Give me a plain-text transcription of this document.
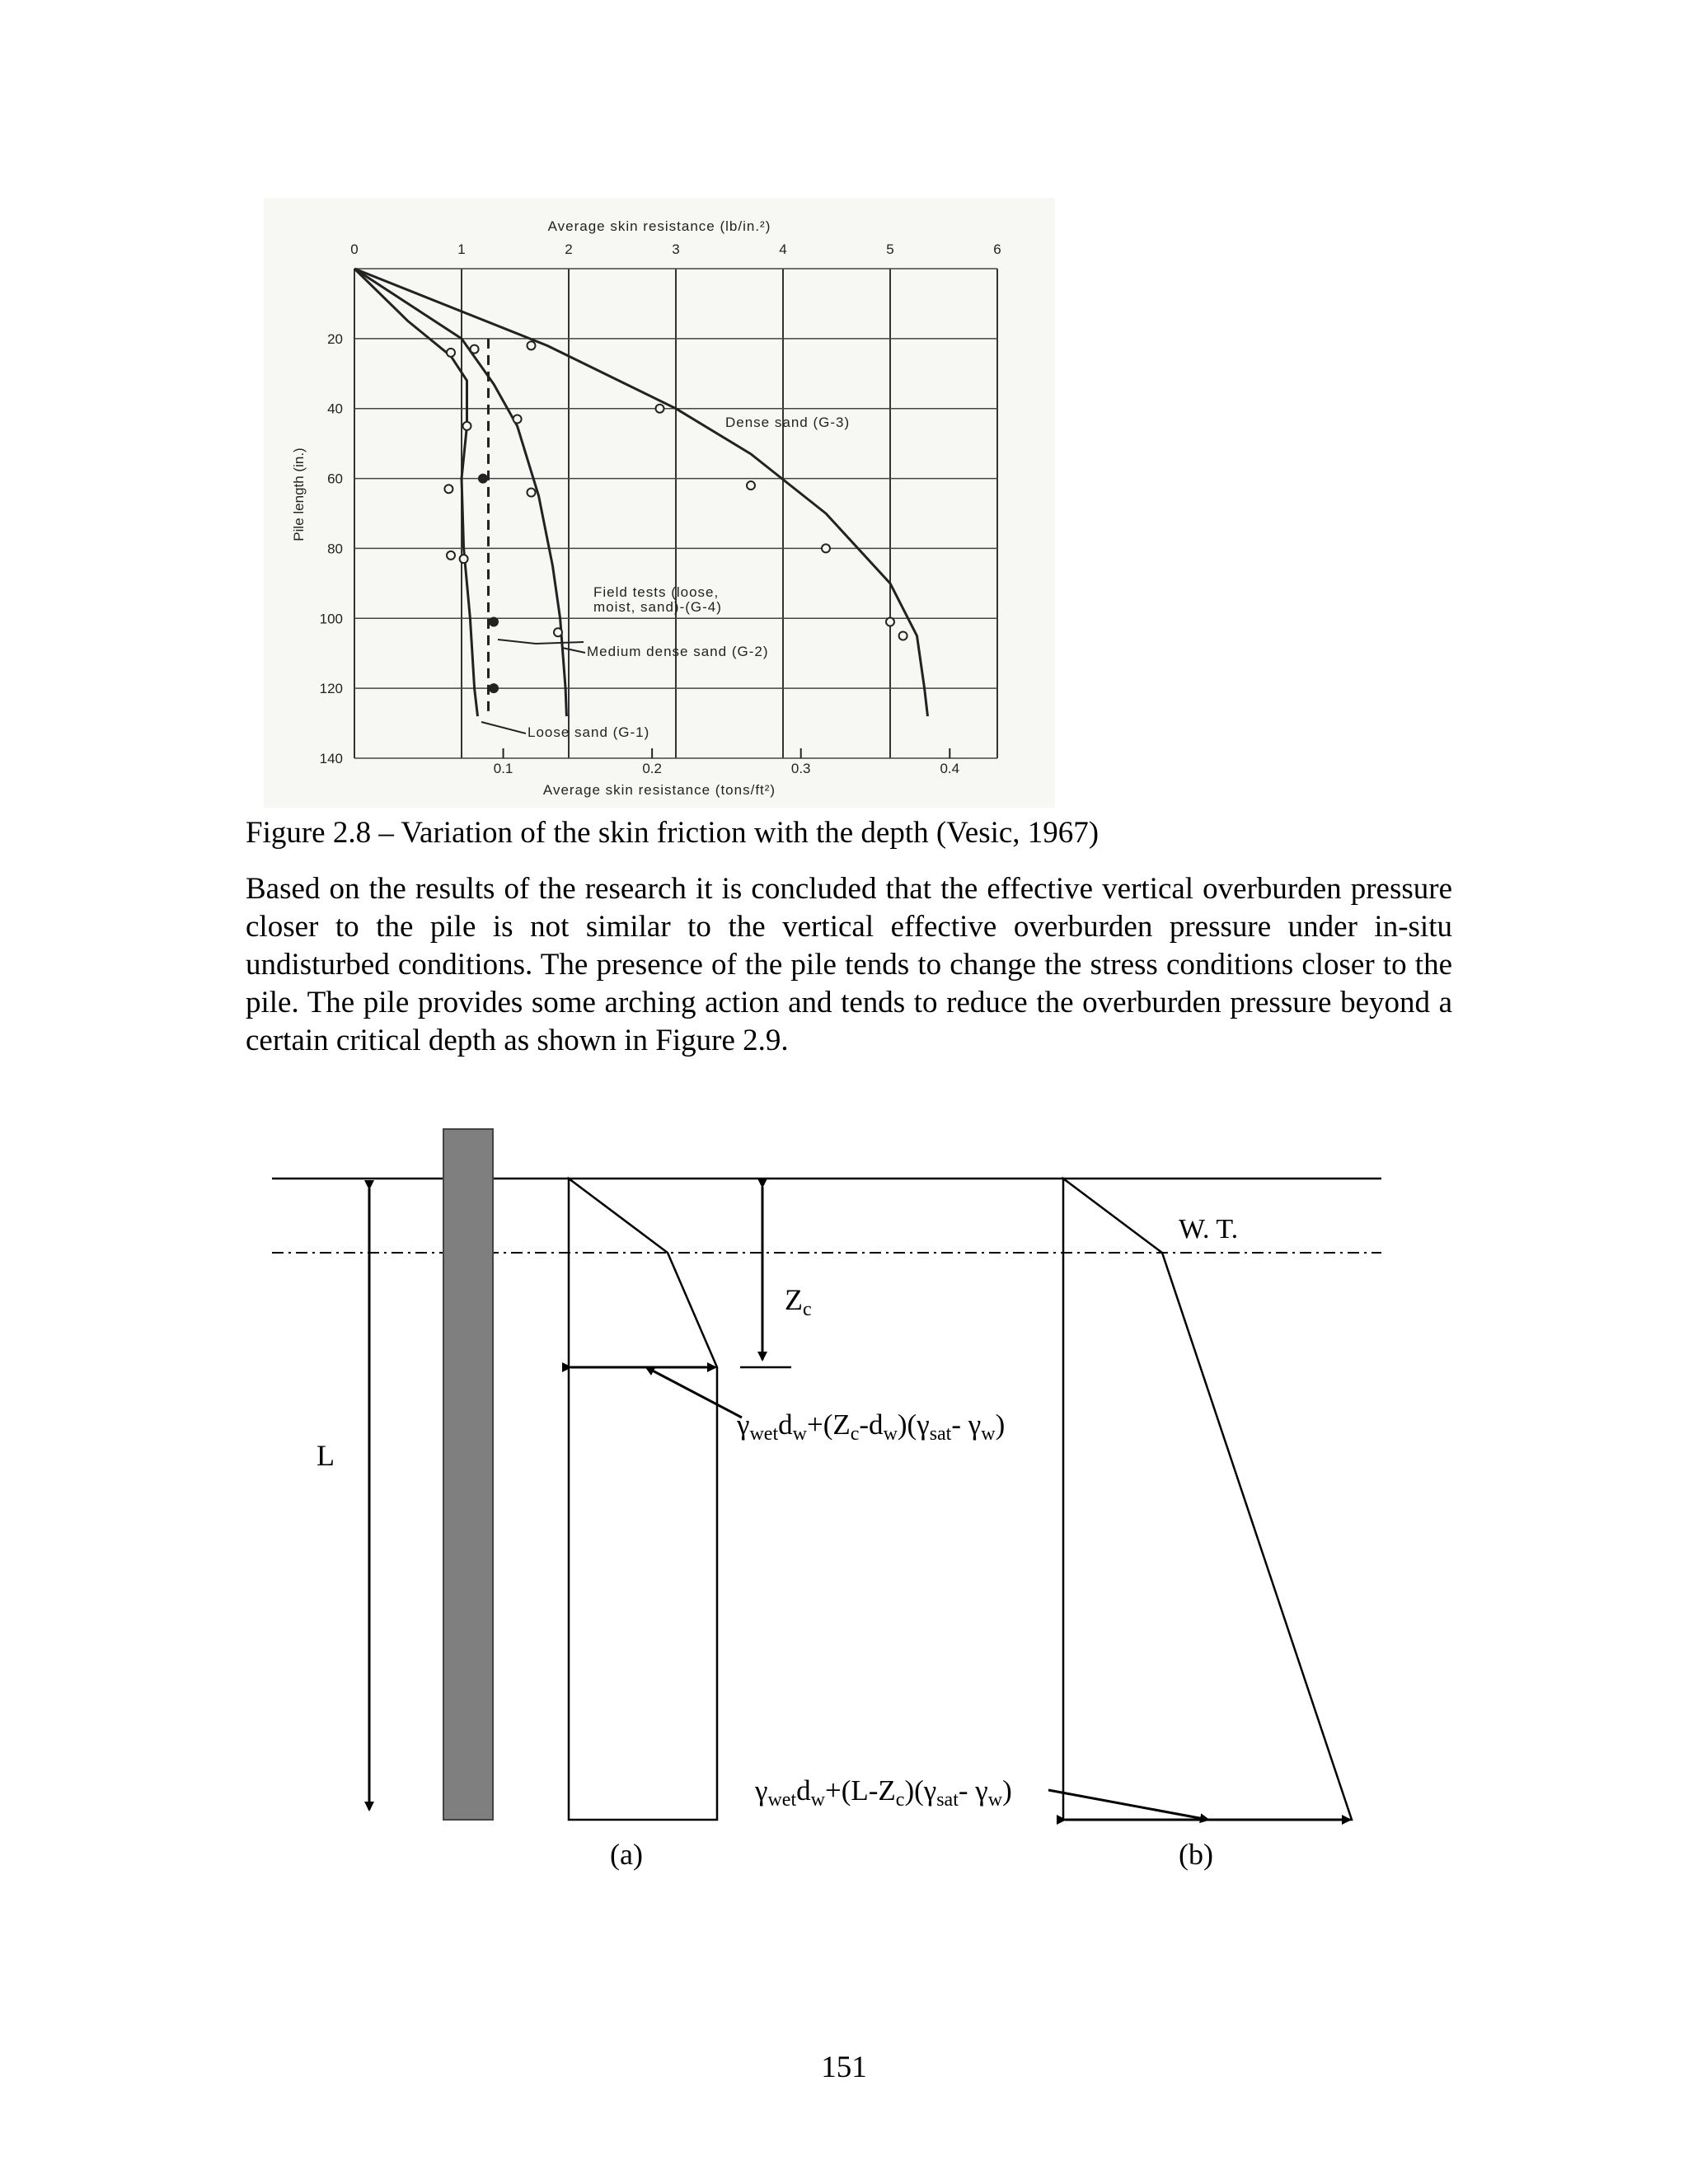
0	1	2	3	4	5	6
20
40
60
80
100
120
140
0.1	0.2	0.3	0.4
Average skin resistance (lb/in.²)
Average skin resistance (tons/ft²)
Pile length (in.)
Dense sand (G-3)
Field tests (loose,
moist, sand)-(G-4)
Medium dense sand (G-2)
Loose sand (G-1)

Figure 2.8 – Variation of the skin friction with the depth (Vesic, 1967)

Based on the results of the research it is concluded that the effective vertical overburden pressure closer to the pile is not similar to the vertical effective overburden pressure under in-situ undisturbed conditions. The presence of the pile tends to change the stress conditions closer to the pile. The pile provides some arching action and tends to reduce the overburden pressure beyond a certain critical depth as shown in Figure 2.9.

L
Zc
$\gamma_{wet}d_w+(Z_c-d_w)(\gamma_{sat}-$ $\gamma_w$)
(a)
W. T.
$\gamma_{wet}d_w+(L-Z_c)(\gamma_{sat}-$ $\gamma_w$)
(b)
151
